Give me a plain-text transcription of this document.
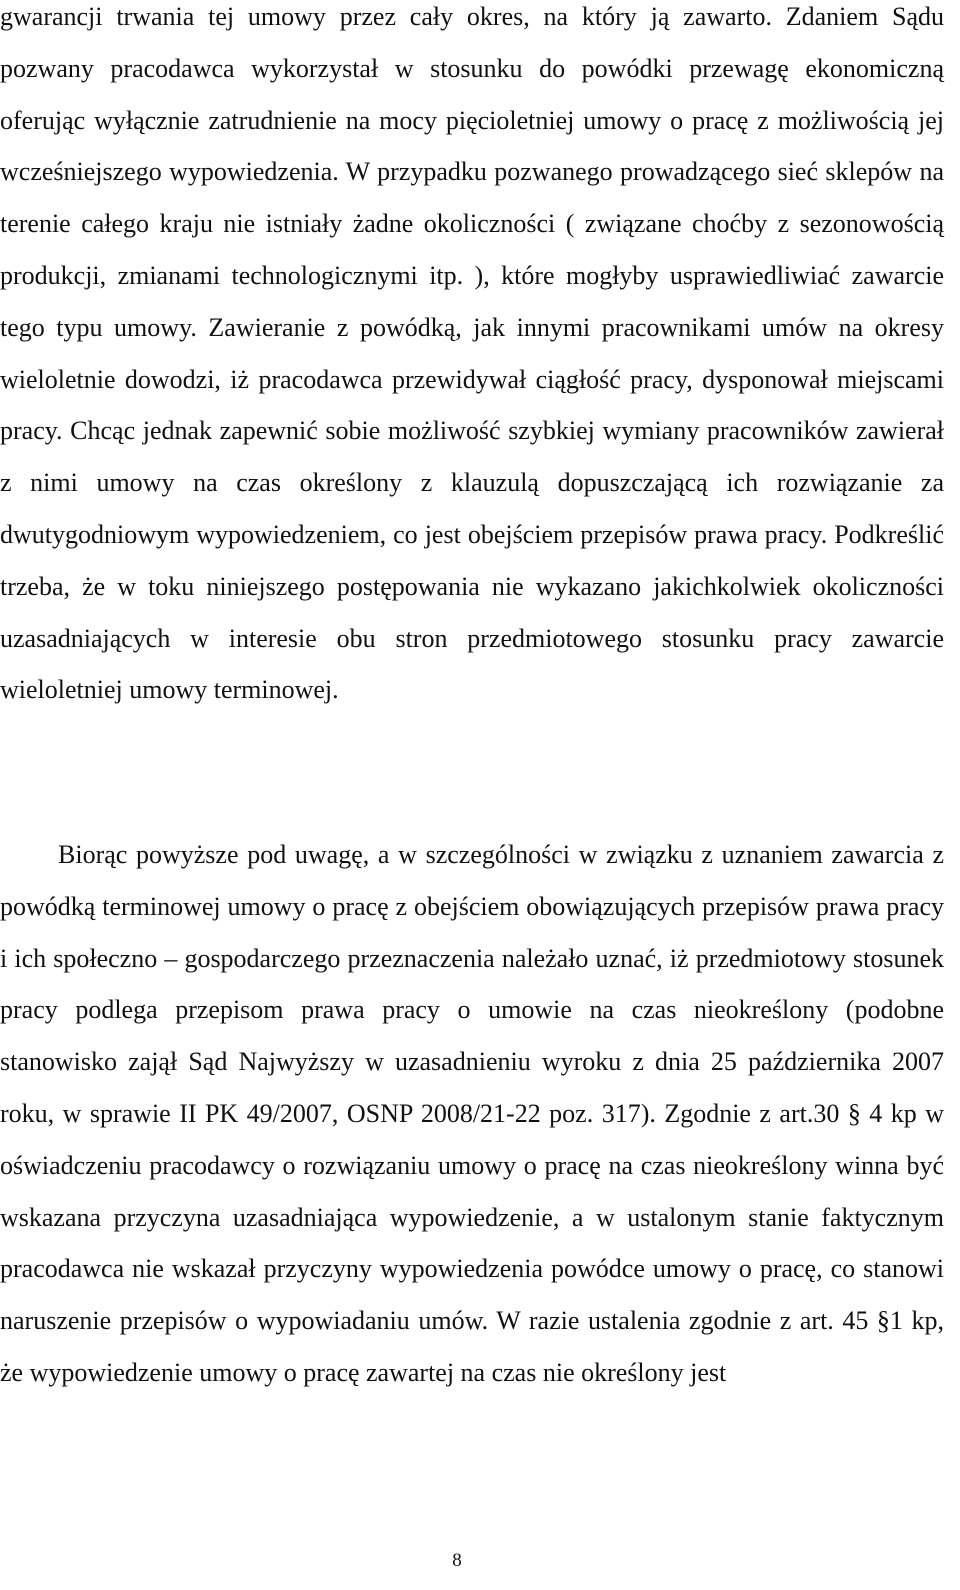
gwarancji trwania tej umowy przez cały okres, na który ją zawarto. Zdaniem Sądu pozwany pracodawca wykorzystał w stosunku do powódki przewagę ekonomiczną oferując wyłącznie zatrudnienie na mocy pięcioletniej umowy o pracę z możliwością jej wcześniejszego wypowiedzenia. W przypadku pozwanego prowadzącego sieć sklepów na terenie całego kraju nie istniały żadne okoliczności ( związane choćby z sezonowością produkcji, zmianami technologicznymi itp. ), które mogłyby usprawiedliwiać zawarcie tego typu umowy. Zawieranie z powódką, jak innymi pracownikami umów na okresy wieloletnie dowodzi, iż pracodawca przewidywał ciągłość pracy, dysponował miejscami pracy. Chcąc jednak zapewnić sobie możliwość szybkiej wymiany pracowników zawierał z nimi umowy na czas określony z klauzulą dopuszczającą ich rozwiązanie za dwutygodniowym wypowiedzeniem, co jest obejściem przepisów prawa pracy. Podkreślić trzeba, że w toku niniejszego postępowania nie wykazano jakichkolwiek okoliczności uzasadniających w interesie obu stron przedmiotowego stosunku pracy zawarcie wieloletniej umowy terminowej.

Biorąc powyższe pod uwagę, a w szczególności w związku z uznaniem zawarcia z powódką terminowej umowy o pracę z obejściem obowiązujących przepisów prawa pracy i ich społeczno – gospodarczego przeznaczenia należało uznać, iż przedmiotowy stosunek pracy podlega przepisom prawa pracy o umowie na czas nieokreślony (podobne stanowisko zajął Sąd Najwyższy w uzasadnieniu wyroku z dnia 25 października 2007 roku, w sprawie II PK 49/2007, OSNP 2008/21-22 poz. 317). Zgodnie z art.30 § 4 kp w oświadczeniu pracodawcy o rozwiązaniu umowy o pracę na czas nieokreślony winna być wskazana przyczyna uzasadniająca wypowiedzenie, a w ustalonym stanie faktycznym pracodawca nie wskazał przyczyny wypowiedzenia powódce umowy o pracę, co stanowi naruszenie przepisów o wypowiadaniu umów. W razie ustalenia zgodnie z art. 45 §1 kp, że wypowiedzenie umowy o pracę zawartej na czas nie określony jest

8
